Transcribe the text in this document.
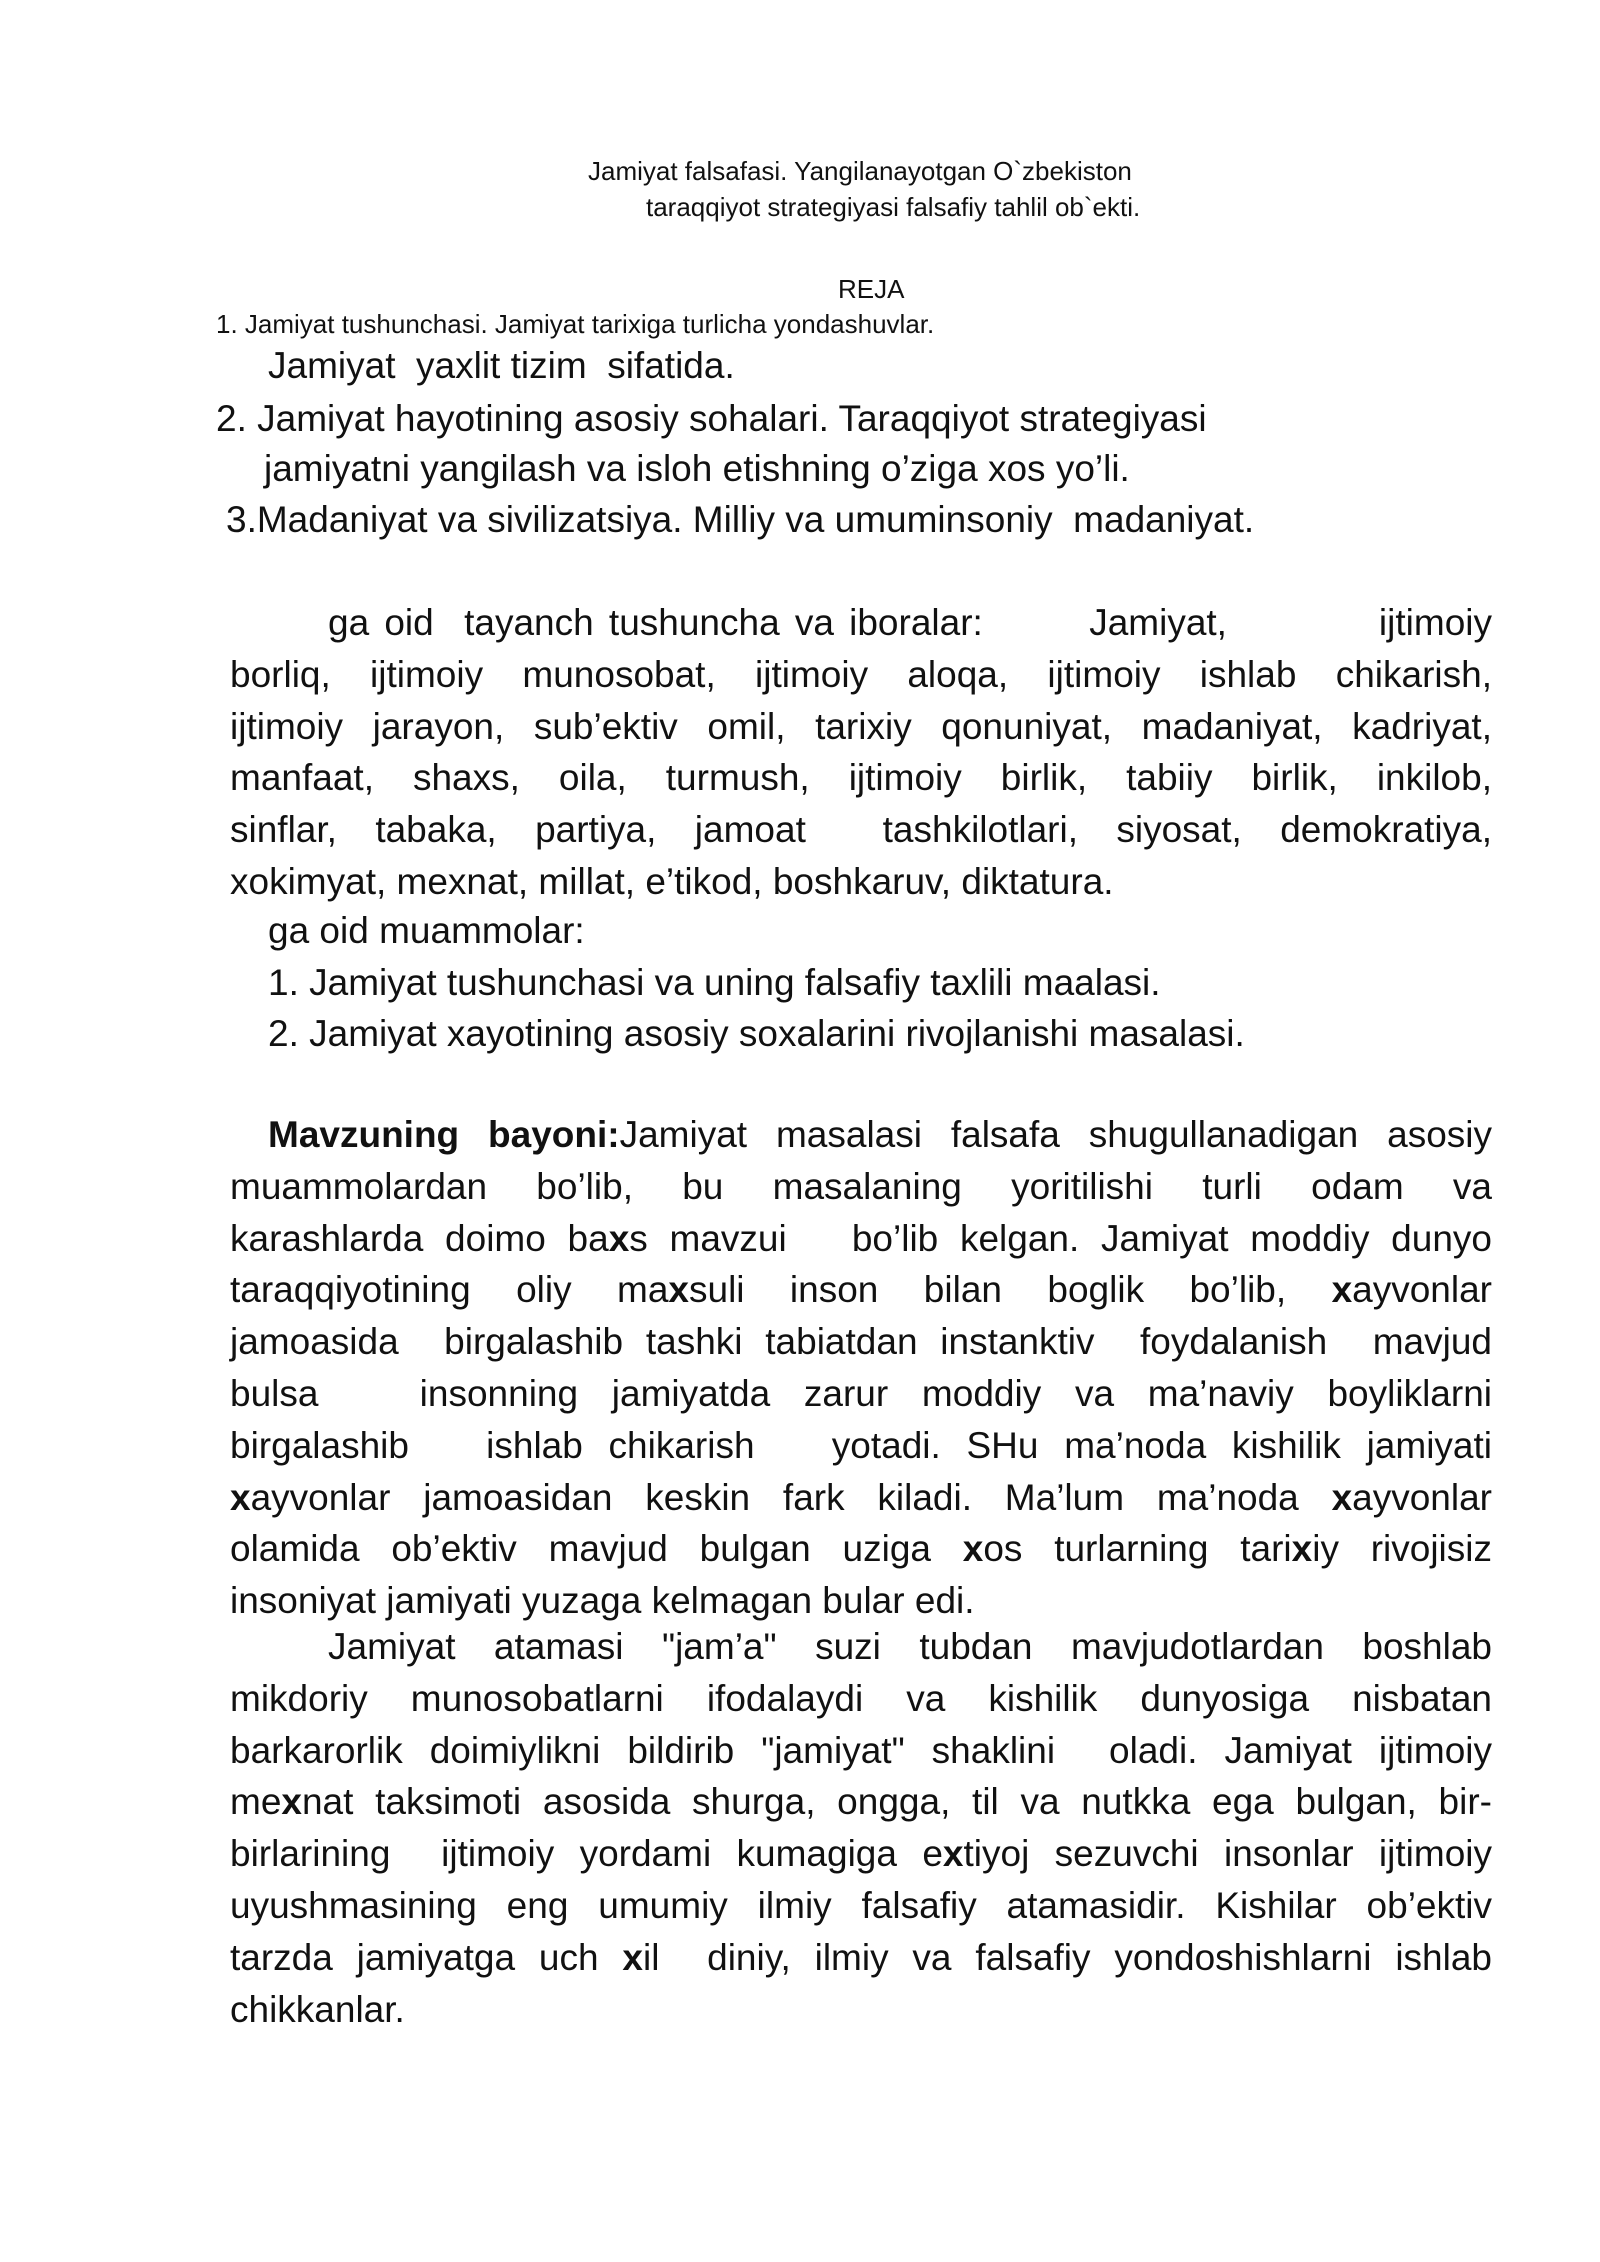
Jamiyat falsafasi. Yangilanayotgan O`zbekiston
taraqqiyot strategiyasi falsafiy tahlil ob`ekti.
REJA
1. Jamiyat tushunchasi. Jamiyat tarixiga turlicha yondashuvlar.
Jamiyat  yaxlit tizim  sifatida.
2. Jamiyat hayotining asosiy sohalari. Taraqqiyot strategiyasi
jamiyatni yangilash va isloh etishning o’ziga xos yo’li.
3.Madaniyat va sivilizatsiya. Milliy va umuminsoniy  madaniyat.
ga oid  tayanch tushuncha va iboralar:       Jamiyat,          ijtimoiy
borliq, ijtimoiy munosobat, ijtimoiy aloqa, ijtimoiy ishlab chikarish,
ijtimoiy jarayon, sub’ektiv omil, tarixiy qonuniyat, madaniyat, kadriyat,
manfaat, shaxs, oila, turmush, ijtimoiy birlik, tabiiy birlik, inkilob,
sinflar, tabaka, partiya, jamoat  tashkilotlari, siyosat, demokratiya,
xokimyat, mexnat, millat, e’tikod, boshkaruv, diktatura.
ga oid muammolar:
1. Jamiyat tushunchasi va uning falsafiy taxlili maalasi.
2. Jamiyat xayotining asosiy soxalarini rivojlanishi masalasi.
Mavzuning bayoni:Jamiyat masalasi falsafa shugullanadigan asosiy
muammolardan bo’lib, bu masalaning yoritilishi turli odam va
karashlarda doimo baxs mavzui   bo’lib kelgan. Jamiyat moddiy dunyo
taraqqiyotining oliy maxsuli inson bilan boglik bo’lib, xayvonlar
jamoasida  birgalashib tashki tabiatdan instanktiv  foydalanish  mavjud
bulsa   insonning jamiyatda zarur moddiy va ma’naviy boyliklarni
birgalashib   ishlab chikarish   yotadi. SHu ma’noda kishilik jamiyati
xayvonlar jamoasidan keskin fark kiladi. Ma’lum ma’noda xayvonlar
olamida ob’ektiv mavjud bulgan uziga xos turlarning tarixiy rivojisiz
insoniyat jamiyati yuzaga kelmagan bular edi.
Jamiyat atamasi "jam’a" suzi tubdan mavjudotlardan boshlab
mikdoriy munosobatlarni ifodalaydi va kishilik dunyosiga nisbatan
barkarorlik doimiylikni bildirib "jamiyat" shaklini  oladi. Jamiyat ijtimoiy
mexnat taksimoti asosida shurga, ongga, til va nutkka ega bulgan, bir-
birlarining  ijtimoiy yordami kumagiga extiyoj sezuvchi insonlar ijtimoiy
uyushmasining eng umumiy ilmiy falsafiy atamasidir. Kishilar ob’ektiv
tarzda jamiyatga uch xil  diniy, ilmiy va falsafiy yondoshishlarni ishlab
chikkanlar.
